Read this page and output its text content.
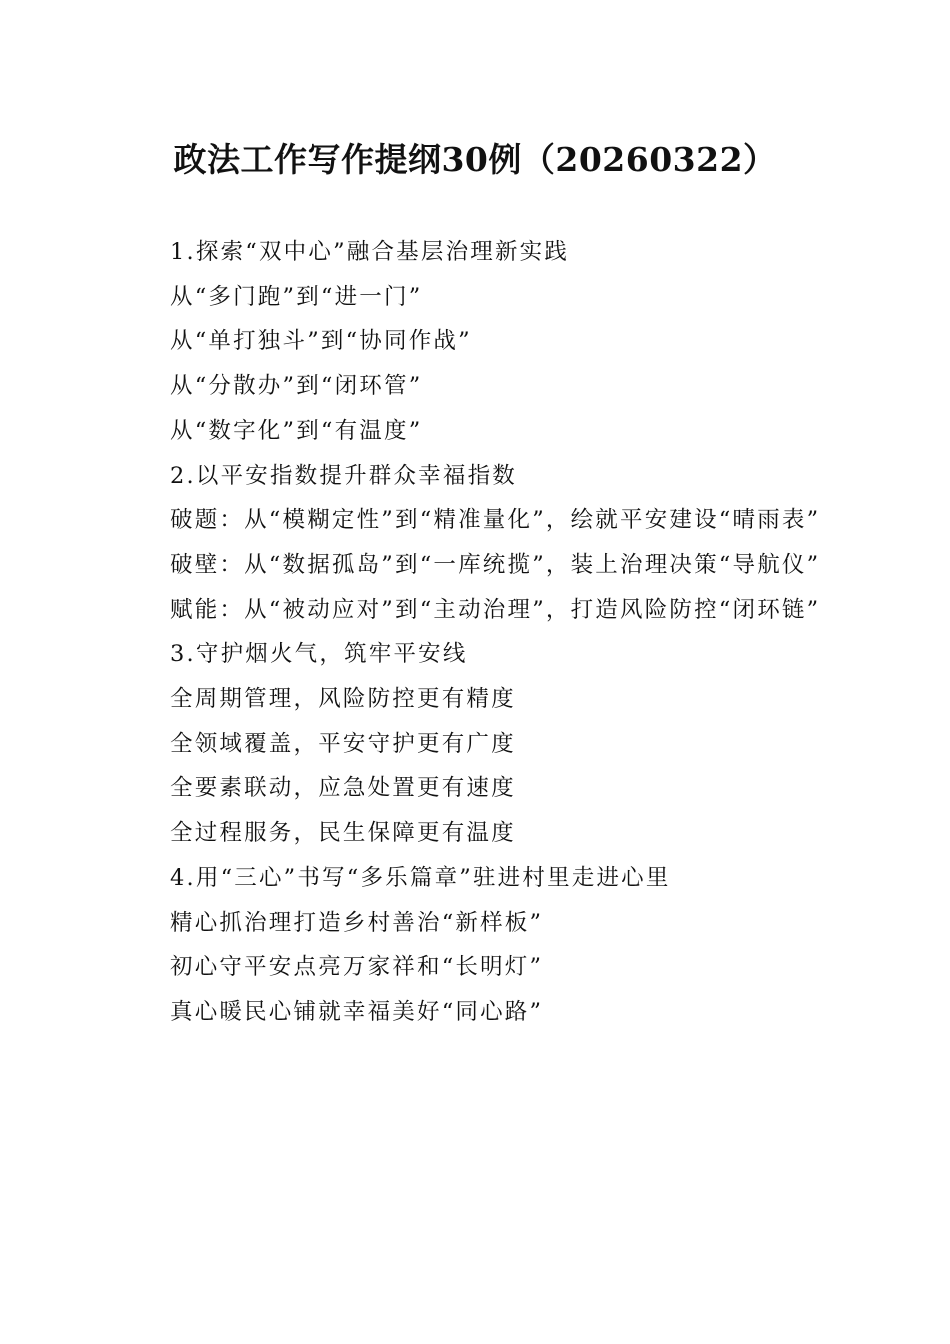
政法工作写作提纲30例（20260322）
1.探索“双中心”融合基层治理新实践
从“多门跑”到“进一门”
从“单打独斗”到“协同作战”
从“分散办”到“闭环管”
从“数字化”到“有温度”
2.以平安指数提升群众幸福指数
破题：从“模糊定性”到“精准量化”，绘就平安建设“晴雨表”
破壁：从“数据孤岛”到“一库统揽”，装上治理决策“导航仪”
赋能：从“被动应对”到“主动治理”，打造风险防控“闭环链”
3.守护烟火气，筑牢平安线
全周期管理，风险防控更有精度
全领域覆盖，平安守护更有广度
全要素联动，应急处置更有速度
全过程服务，民生保障更有温度
4.用“三心”书写“多乐篇章”驻进村里走进心里
精心抓治理打造乡村善治“新样板”
初心守平安点亮万家祥和“长明灯”
真心暖民心铺就幸福美好“同心路”
